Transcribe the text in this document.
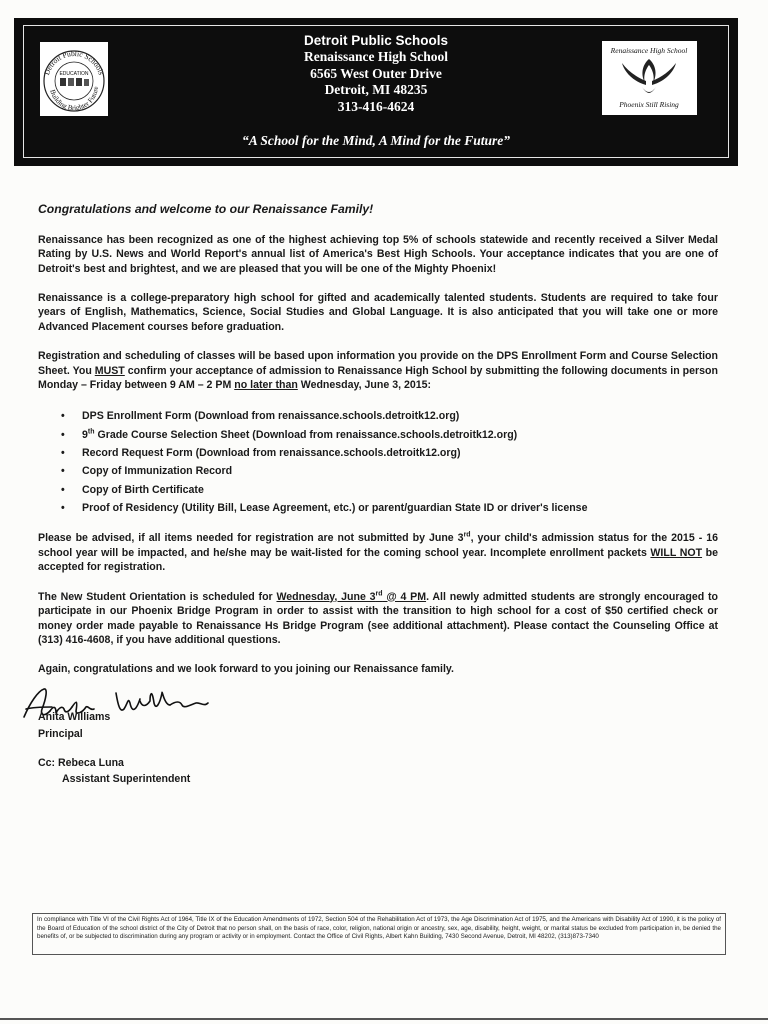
Detroit Public Schools
Building Brighter Future
EDUCATION
Detroit Public Schools
Renaissance High School
6565 West Outer Drive
Detroit, MI 48235
313-416-4624
“A School for the Mind, A Mind for the Future”
Renaissance High School
Phoenix Still Rising
Congratulations and welcome to our Renaissance Family!

Renaissance has been recognized as one of the highest achieving top 5% of schools statewide and recently received a Silver Medal Rating by U.S. News and World Report's annual list of America's Best High Schools. Your acceptance indicates that you are one of Detroit's best and brightest, and we are pleased that you will be one of the Mighty Phoenix!

Renaissance is a college-preparatory high school for gifted and academically talented students. Students are required to take four years of English, Mathematics, Science, Social Studies and Global Language. It is also anticipated that you will take one or more Advanced Placement courses before graduation.

Registration and scheduling of classes will be based upon information you provide on the DPS Enrollment Form and Course Selection Sheet. You MUST confirm your acceptance of admission to Renaissance High School by submitting the following documents in person Monday – Friday between 9 AM – 2 PM no later than Wednesday, June 3, 2015:

• DPS Enrollment Form (Download from renaissance.schools.detroitk12.org)
• 9th Grade Course Selection Sheet (Download from renaissance.schools.detroitk12.org)
• Record Request Form (Download from renaissance.schools.detroitk12.org)
• Copy of Immunization Record
• Copy of Birth Certificate
• Proof of Residency (Utility Bill, Lease Agreement, etc.) or parent/guardian State ID or driver's license

Please be advised, if all items needed for registration are not submitted by June 3rd, your child's admission status for the 2015 - 16 school year will be impacted, and he/she may be wait-listed for the coming school year. Incomplete enrollment packets WILL NOT be accepted for registration.

The New Student Orientation is scheduled for Wednesday, June 3rd @ 4 PM. All newly admitted students are strongly encouraged to participate in our Phoenix Bridge Program in order to assist with the transition to high school for a cost of $50 certified check or money order made payable to Renaissance Hs Bridge Program (see additional attachment). Please contact the Counseling Office at (313) 416-4608, if you have additional questions.

Again, congratulations and we look forward to you joining our Renaissance family.

Anita Williams
Principal
Cc: Rebeca Luna
Assistant Superintendent
In compliance with Title VI of the Civil Rights Act of 1964, Title IX of the Education Amendments of 1972, Section 504 of the Rehabilitation Act of 1973, the Age Discrimination Act of 1975, and the Americans with Disability Act of 1990, it is the policy of the Board of Education of the school district of the City of Detroit that no person shall, on the basis of race, color, religion, national origin or ancestry, sex, age, disability, height, weight, or marital status be excluded from participation in, be denied the benefits of, or be subjected to discrimination during any program or activity or in employment. Contact the Office of Civil Rights, Albert Kahn Building, 7430 Second Avenue, Detroit, MI 48202, (313)873-7340
